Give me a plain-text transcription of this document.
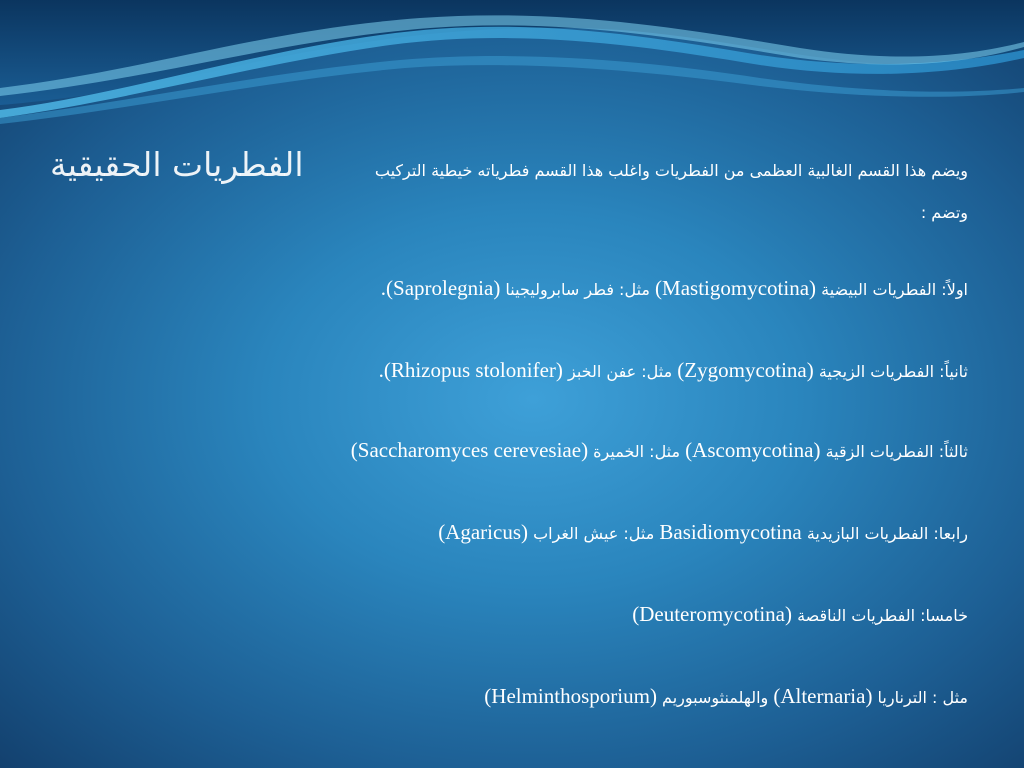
الفطريات الحقيقية	ويضم هذا القسم الغالبية العظمى من الفطريات واغلب هذا القسم فطرياته خيطية التركيب
وتضم :
اولاً: الفطريات البيضية (Mastigomycotina) مثل: فطر سابروليجينا (Saprolegnia).
ثانياً: الفطريات الزيجية (Zygomycotina) مثل: عفن الخبز (Rhizopus stolonifer).
ثالثاً: الفطريات الزقية (Ascomycotina) مثل: الخميرة (Saccharomyces cerevesiae)
رابعا: الفطريات البازيدية Basidiomycotina مثل: عيش الغراب (Agaricus)
خامسا: الفطريات الناقصة (Deuteromycotina)
مثل : الترناريا (Alternaria) والهلمنثوسبوريم (Helminthosporium)
